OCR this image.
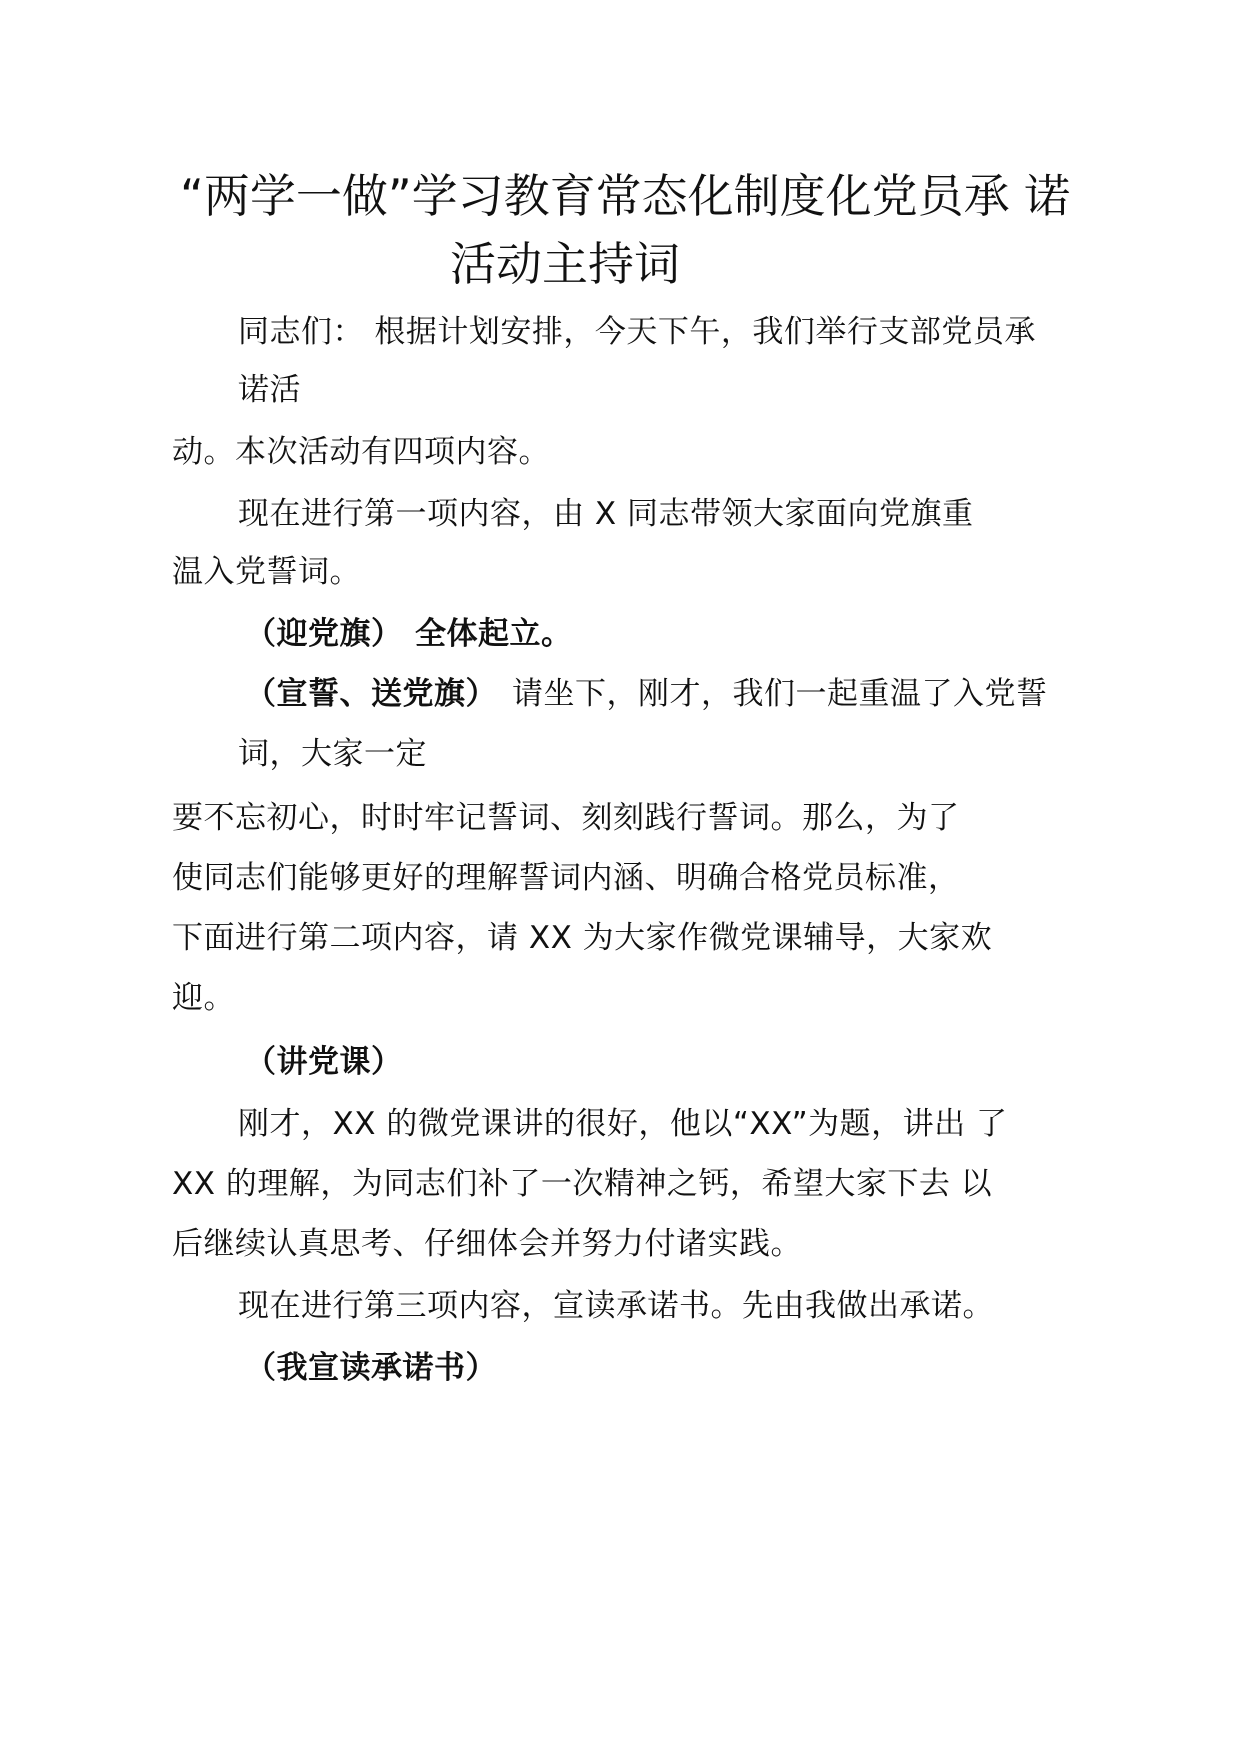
“两学一做”学习教育常态化制度化党员承 诺
活动主持词
同志们： 根据计划安排，今天下午，我们举行支部党员承
诺活
动。本次活动有四项内容。
现在进行第一项内容，由 X 同志带领大家面向党旗重
温入党誓词。
（迎党旗） 全体起立。
（宣誓、送党旗） 请坐下，刚才，我们一起重温了入党誓
词，大家一定
要不忘初心，时时牢记誓词、刻刻践行誓词。那么，为了
使同志们能够更好的理解誓词内涵、明确合格党员标准，
下面进行第二项内容，请 XX 为大家作微党课辅导，大家欢
迎。
（讲党课）
刚才，XX 的微党课讲的很好，他以“XX”为题，讲出 了
XX 的理解，为同志们补了一次精神之钙，希望大家下去 以
后继续认真思考、仔细体会并努力付诸实践。
现在进行第三项内容，宣读承诺书。先由我做出承诺。
（我宣读承诺书）
